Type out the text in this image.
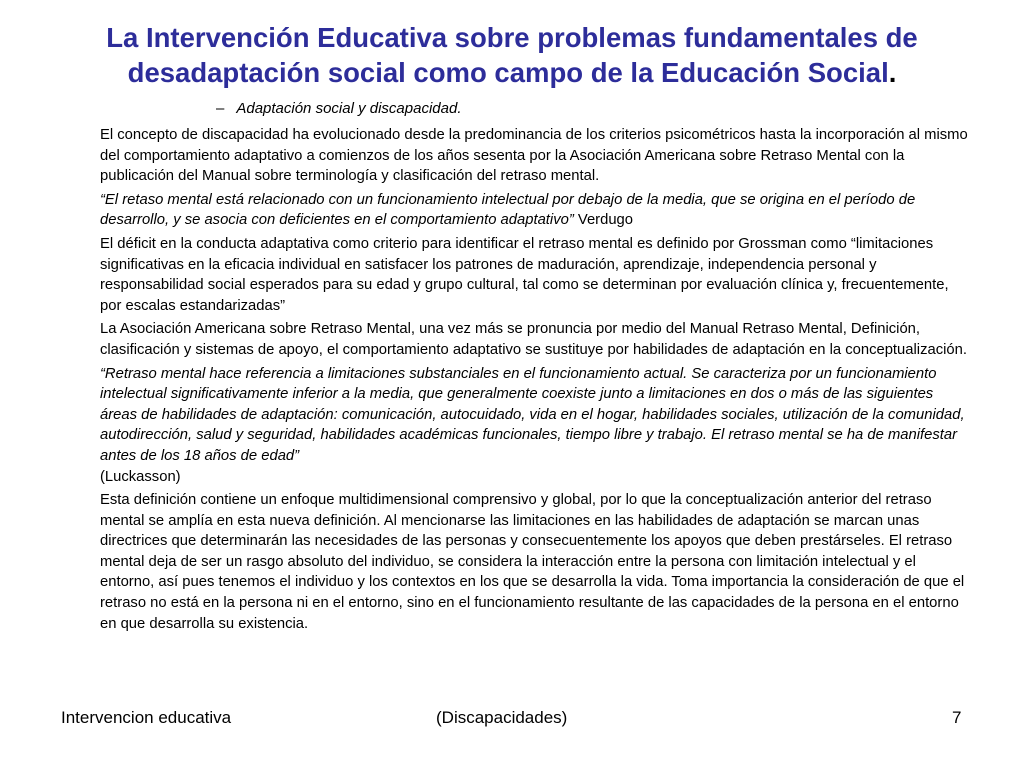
La Intervención Educativa sobre problemas fundamentales de desadaptación social como campo de la Educación Social.

– Adaptación social y discapacidad.

El concepto de discapacidad ha evolucionado desde la predominancia de los criterios psicométricos hasta la incorporación al mismo del comportamiento adaptativo a comienzos de los años sesenta por la Asociación Americana sobre Retraso Mental con la publicación del Manual sobre terminología y clasificación del retraso mental.

“El retaso mental está relacionado con un funcionamiento intelectual por debajo de la media, que se origina en el período de desarrollo, y se asocia con deficientes en el comportamiento adaptativo” Verdugo

El déficit en la conducta adaptativa como criterio para identificar el retraso mental es definido por Grossman como “limitaciones significativas en la eficacia individual en satisfacer los patrones de maduración, aprendizaje, independencia personal y responsabilidad social esperados para su edad y grupo cultural, tal como se determinan por evaluación clínica y, frecuentemente, por escalas estandarizadas”

La Asociación Americana sobre Retraso Mental, una vez más se pronuncia por medio del Manual Retraso Mental, Definición, clasificación y sistemas de apoyo, el comportamiento adaptativo se sustituye por habilidades de adaptación en la conceptualización.

“Retraso mental hace referencia a limitaciones substanciales en el funcionamiento actual. Se caracteriza por un funcionamiento intelectual significativamente inferior a la media, que generalmente coexiste junto a limitaciones en dos o más de las siguientes áreas de habilidades de adaptación: comunicación, autocuidado, vida en el hogar, habilidades sociales, utilización de la comunidad, autodirección, salud y seguridad, habilidades académicas funcionales, tiempo libre y trabajo. El retraso mental se ha de manifestar antes de los 18 años de edad”
(Luckasson)

Esta definición contiene un enfoque multidimensional comprensivo y global, por lo que la conceptualización anterior del retraso mental se amplía en esta nueva definición. Al mencionarse las limitaciones en las habilidades de adaptación se marcan unas directrices que determinarán las necesidades de las personas y consecuentemente los apoyos que deben prestárseles. El retraso mental deja de ser un rasgo absoluto del individuo, se considera la interacción entre la persona con limitación intelectual y el entorno, así pues tenemos el individuo y los contextos en los que se desarrolla la vida. Toma importancia la consideración de que el retraso no está en la persona ni en el entorno, sino en el funcionamiento resultante de las capacidades de la persona en el entorno en que desarrolla su existencia.

Intervencion educativa	(Discapacidades)	7
